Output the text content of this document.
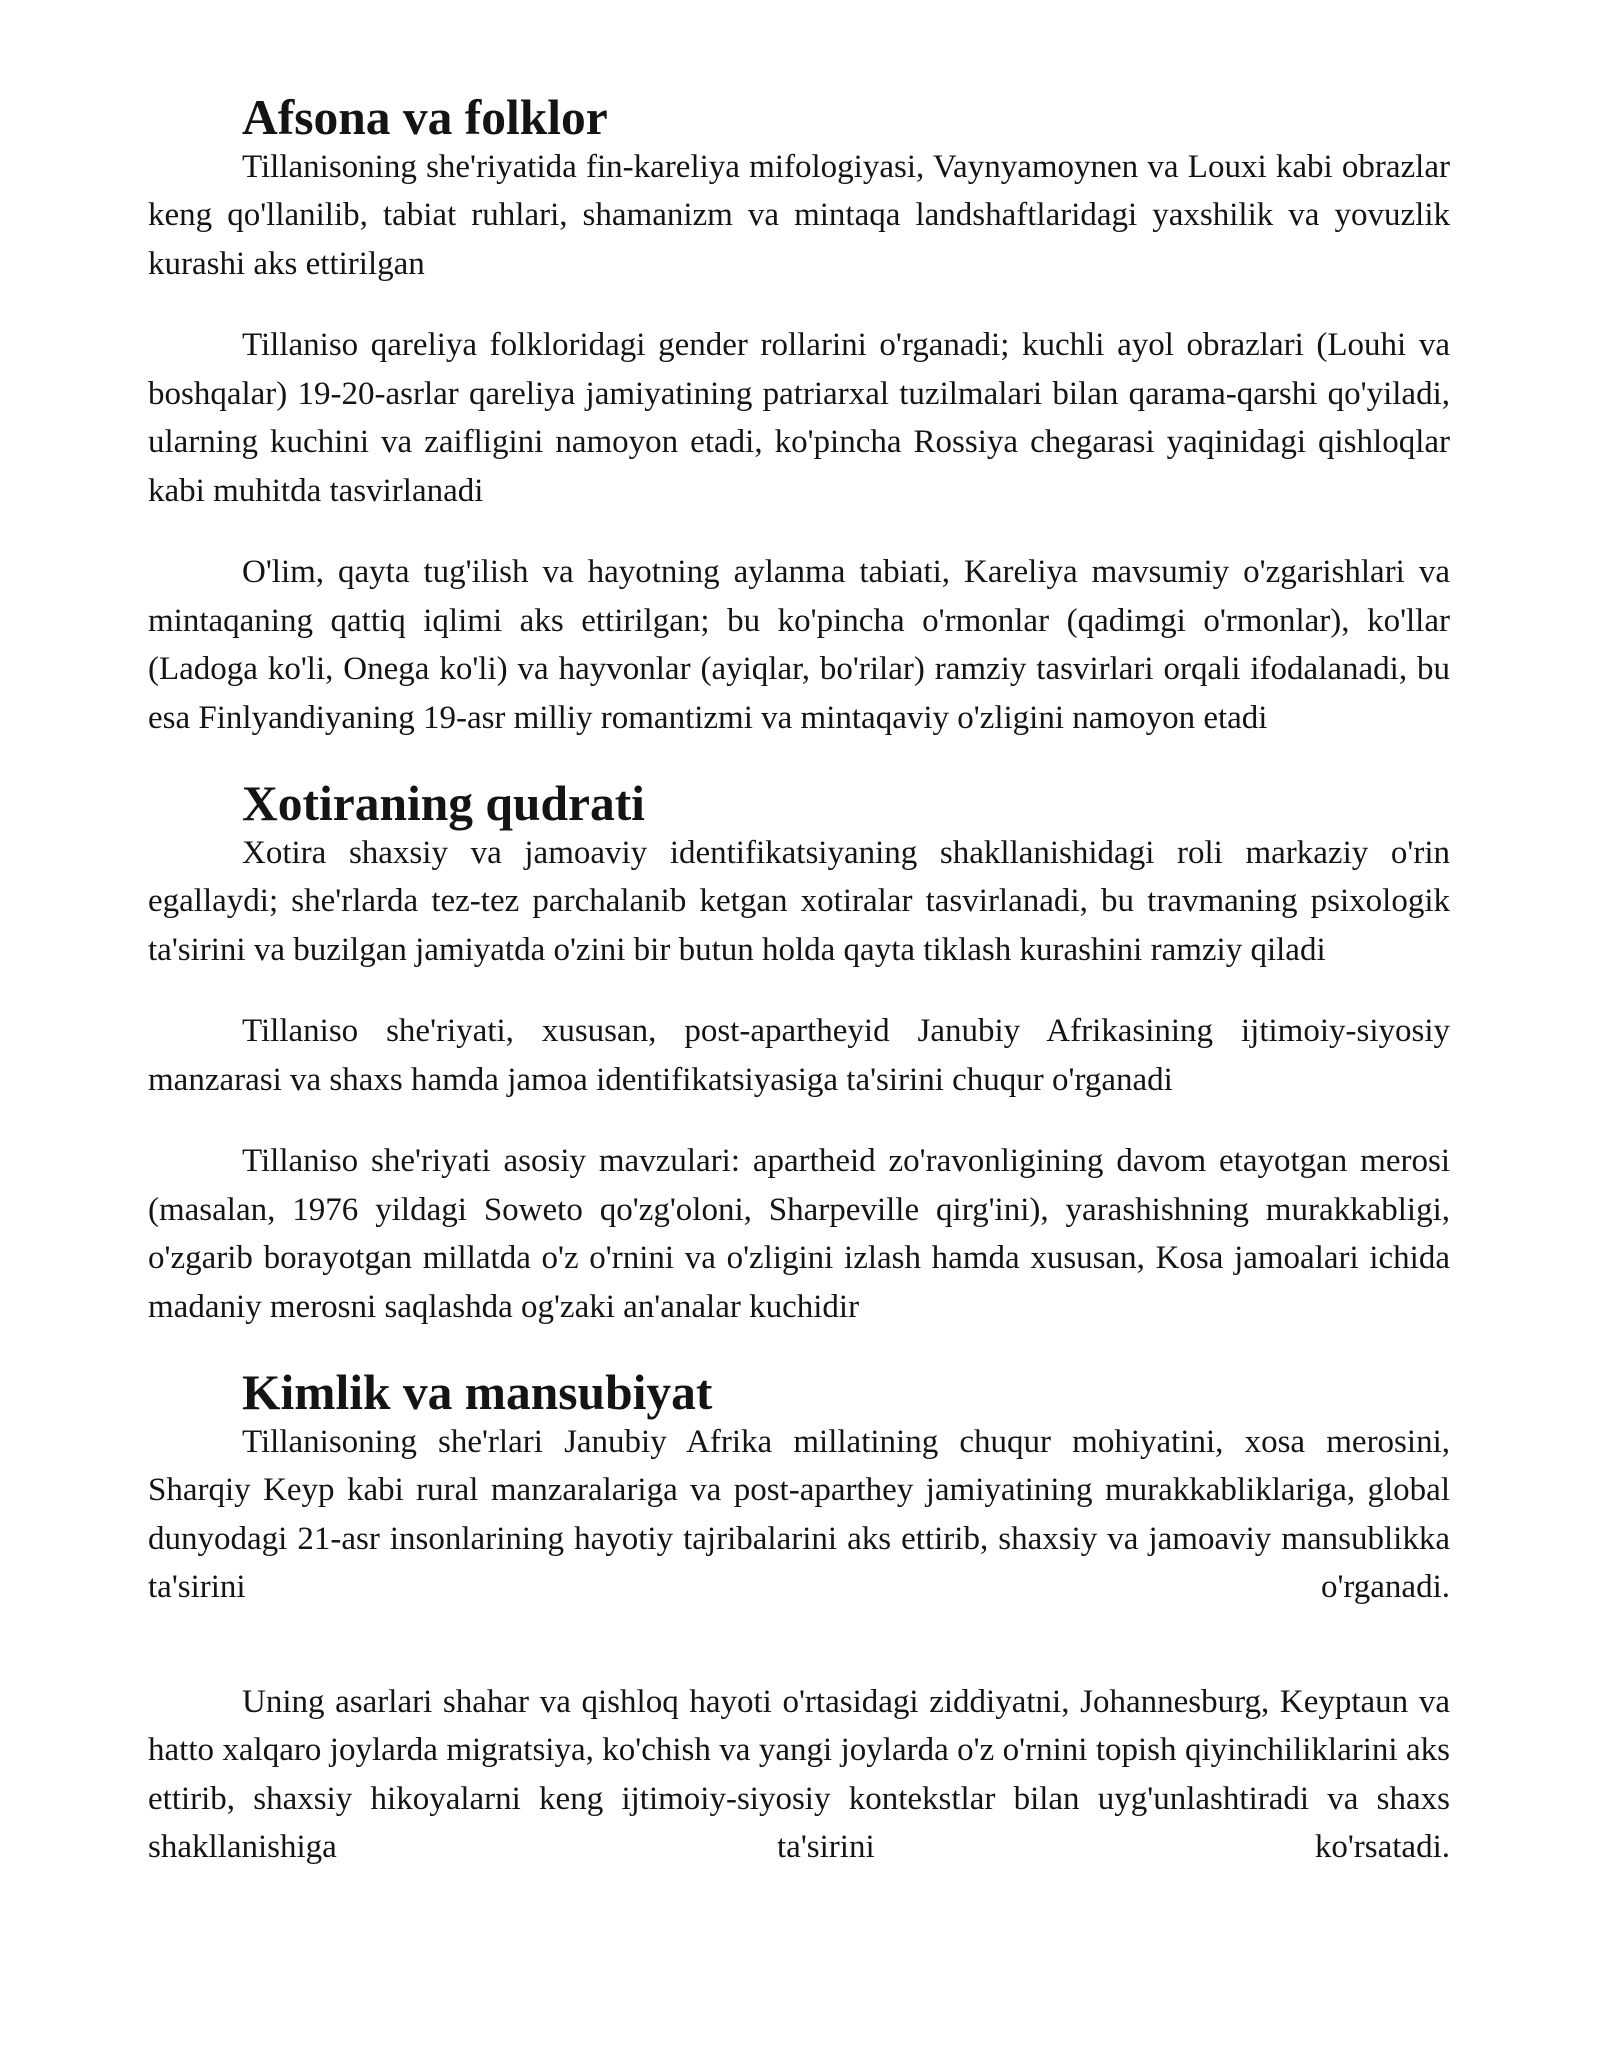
Afsona va folklor

Tillanisoning she'riyatida fin-kareliya mifologiyasi, Vaynyamoynen va Louxi kabi obrazlar keng qo'llanilib, tabiat ruhlari, shamanizm va mintaqa landshaftlaridagi yaxshilik va yovuzlik kurashi aks ettirilgan

Tillaniso qareliya folkloridagi gender rollarini o'rganadi; kuchli ayol obrazlari (Louhi va boshqalar) 19-20-asrlar qareliya jamiyatining patriarxal tuzilmalari bilan qarama-qarshi qo'yiladi, ularning kuchini va zaifligini namoyon etadi, ko'pincha Rossiya chegarasi yaqinidagi qishloqlar kabi muhitda tasvirlanadi

O'lim, qayta tug'ilish va hayotning aylanma tabiati, Kareliya mavsumiy o'zgarishlari va mintaqaning qattiq iqlimi aks ettirilgan; bu ko'pincha o'rmonlar (qadimgi o'rmonlar), ko'llar (Ladoga ko'li, Onega ko'li) va hayvonlar (ayiqlar, bo'rilar) ramziy tasvirlari orqali ifodalanadi, bu esa Finlyandiyaning 19-asr milliy romantizmi va mintaqaviy o'zligini namoyon etadi

Xotiraning qudrati

Xotira shaxsiy va jamoaviy identifikatsiyaning shakllanishidagi roli markaziy o'rin egallaydi; she'rlarda tez-tez parchalanib ketgan xotiralar tasvirlanadi, bu travmaning psixologik ta'sirini va buzilgan jamiyatda o'zini bir butun holda qayta tiklash kurashini ramziy qiladi

Tillaniso she'riyati, xususan, post-apartheyid Janubiy Afrikasining ijtimoiy-siyosiy manzarasi va shaxs hamda jamoa identifikatsiyasiga ta'sirini chuqur o'rganadi

Tillaniso she'riyati asosiy mavzulari: apartheid zo'ravonligining davom etayotgan merosi (masalan, 1976 yildagi Soweto qo'zg'oloni, Sharpeville qirg'ini), yarashishning murakkabligi, o'zgarib borayotgan millatda o'z o'rnini va o'zligini izlash hamda xususan, Kosa jamoalari ichida madaniy merosni saqlashda og'zaki an'analar kuchidir

Kimlik va mansubiyat

Tillanisoning she'rlari Janubiy Afrika millatining chuqur mohiyatini, xosa merosini, Sharqiy Keyp kabi rural manzaralariga va post-aparthey jamiyatining murakkabliklariga, global dunyodagi 21-asr insonlarining hayotiy tajribalarini aks ettirib, shaxsiy va jamoaviy mansublikka ta'sirini o'rganadi.

Uning asarlari shahar va qishloq hayoti o'rtasidagi ziddiyatni, Johannesburg, Keyptaun va hatto xalqaro joylarda migratsiya, ko'chish va yangi joylarda o'z o'rnini topish qiyinchiliklarini aks ettirib, shaxsiy hikoyalarni keng ijtimoiy-siyosiy kontekstlar bilan uyg'unlashtiradi va shaxs shakllanishiga ta'sirini ko'rsatadi.
